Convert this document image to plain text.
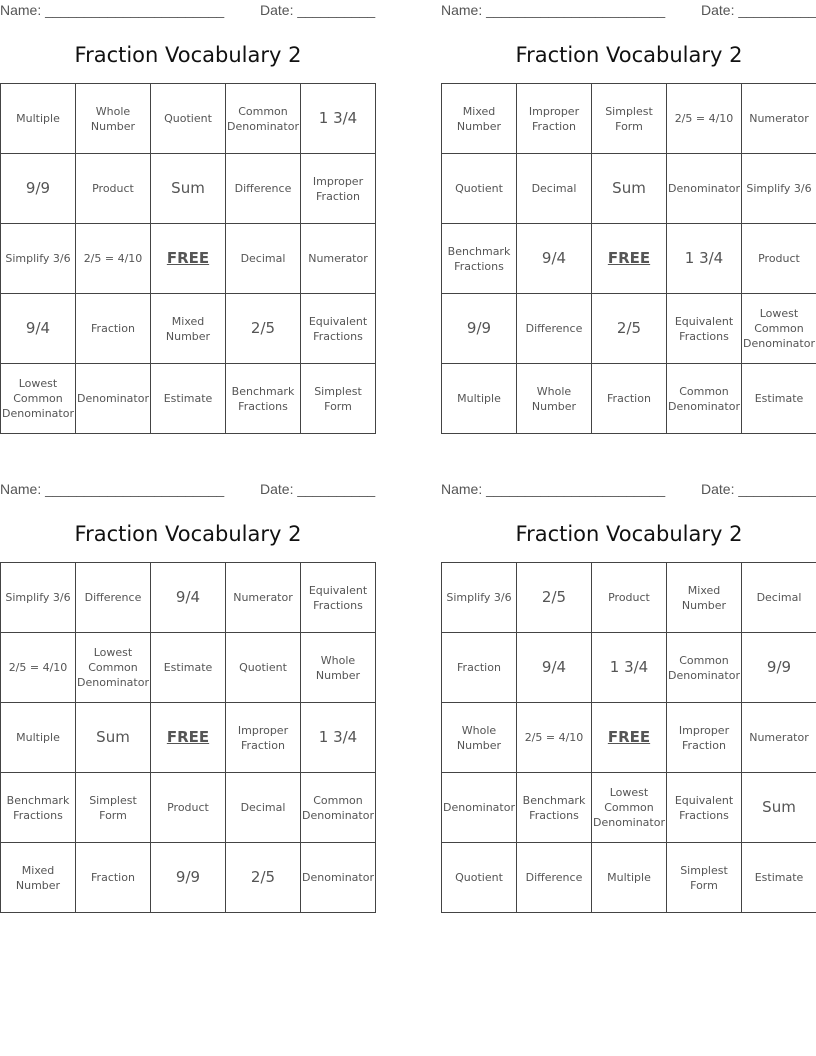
Name: _______________________	Date: __________
Fraction Vocabulary 2
Multiple	Whole Number	Quotient	Common Denominator	1 3/4
9/9	Product	Sum	Difference	Improper Fraction
Simplify 3/6	2/5 = 4/10	FREE	Decimal	Numerator
9/4	Fraction	Mixed Number	2/5	Equivalent Fractions
Lowest Common Denominator	Denominator	Estimate	Benchmark Fractions	Simplest Form
Name: _______________________	Date: __________
Fraction Vocabulary 2
Mixed Number	Improper Fraction	Simplest Form	2/5 = 4/10	Numerator
Quotient	Decimal	Sum	Denominator	Simplify 3/6
Benchmark Fractions	9/4	FREE	1 3/4	Product
9/9	Difference	2/5	Equivalent Fractions	Lowest Common Denominator
Multiple	Whole Number	Fraction	Common Denominator	Estimate
Name: _______________________	Date: __________
Fraction Vocabulary 2
Simplify 3/6	Difference	9/4	Numerator	Equivalent Fractions
2/5 = 4/10	Lowest Common Denominator	Estimate	Quotient	Whole Number
Multiple	Sum	FREE	Improper Fraction	1 3/4
Benchmark Fractions	Simplest Form	Product	Decimal	Common Denominator
Mixed Number	Fraction	9/9	2/5	Denominator
Name: _______________________	Date: __________
Fraction Vocabulary 2
Simplify 3/6	2/5	Product	Mixed Number	Decimal
Fraction	9/4	1 3/4	Common Denominator	9/9
Whole Number	2/5 = 4/10	FREE	Improper Fraction	Numerator
Denominator	Benchmark Fractions	Lowest Common Denominator	Equivalent Fractions	Sum
Quotient	Difference	Multiple	Simplest Form	Estimate
